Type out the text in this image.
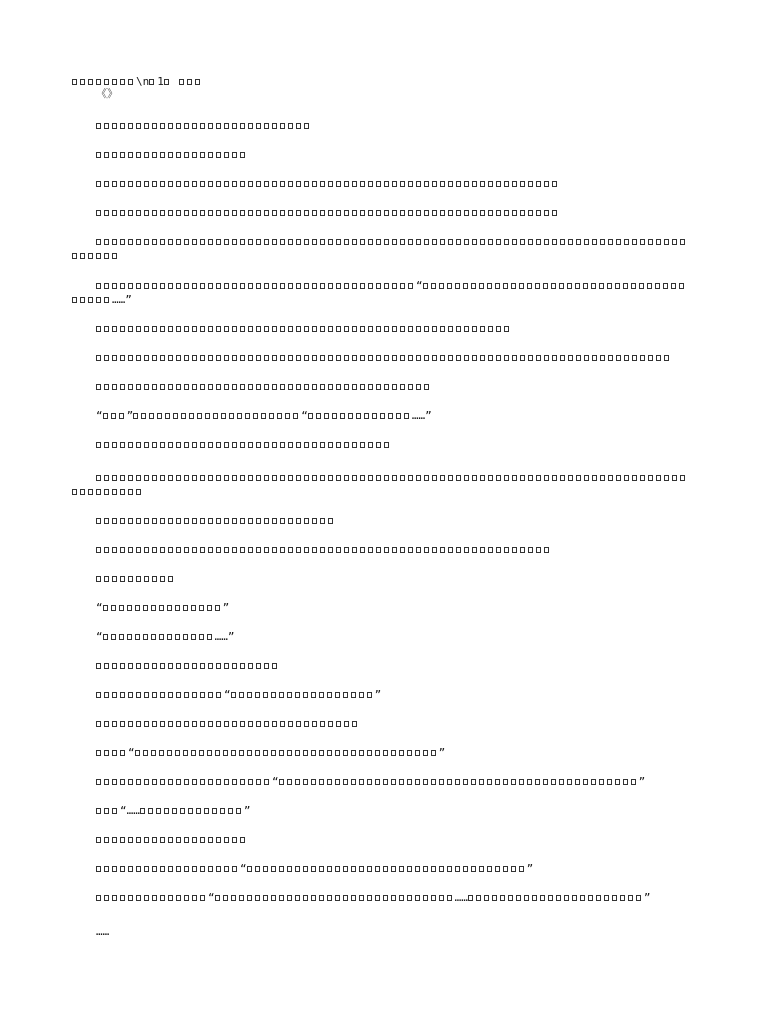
\n 1
《》
“……”
“ ”	“	……”
“	”
“	……”
“	”
“	”
“	”
“……	”
“	”
“	……	”
……
